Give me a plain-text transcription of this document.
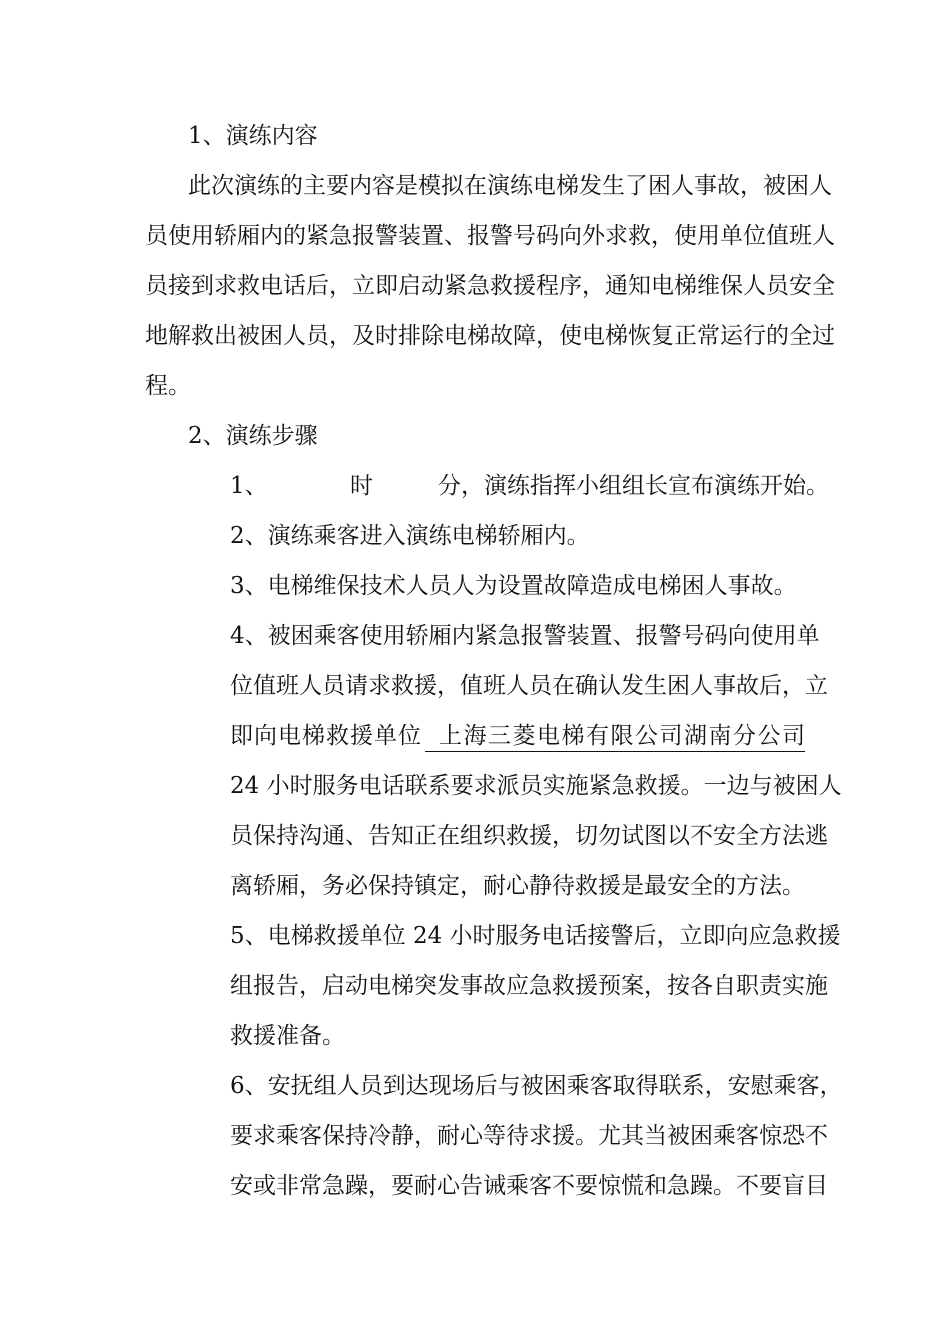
1、演练内容
此次演练的主要内容是模拟在演练电梯发生了困人事故，被困人
员使用轿厢内的紧急报警装置、报警号码向外求救，使用单位值班人
员接到求救电话后，立即启动紧急救援程序，通知电梯维保人员安全
地解救出被困人员，及时排除电梯故障，使电梯恢复正常运行的全过
程。
2、演练步骤
1、	时	分，演练指挥小组组长宣布演练开始。
2、演练乘客进入演练电梯轿厢内。
3、电梯维保技术人员人为设置故障造成电梯困人事故。
4、被困乘客使用轿厢内紧急报警装置、报警号码向使用单
位值班人员请求救援，值班人员在确认发生困人事故后，立
即向电梯救援单位 上海三菱电梯有限公司湖南分公司
24 小时服务电话联系要求派员实施紧急救援。一边与被困人
员保持沟通、告知正在组织救援，切勿试图以不安全方法逃
离轿厢，务必保持镇定，耐心静待救援是最安全的方法。
5、电梯救援单位 24 小时服务电话接警后，立即向应急救援
组报告，启动电梯突发事故应急救援预案，按各自职责实施
救援准备。
6、安抚组人员到达现场后与被困乘客取得联系，安慰乘客，
要求乘客保持冷静，耐心等待求援。尤其当被困乘客惊恐不
安或非常急躁，要耐心告诫乘客不要惊慌和急躁。不要盲目
